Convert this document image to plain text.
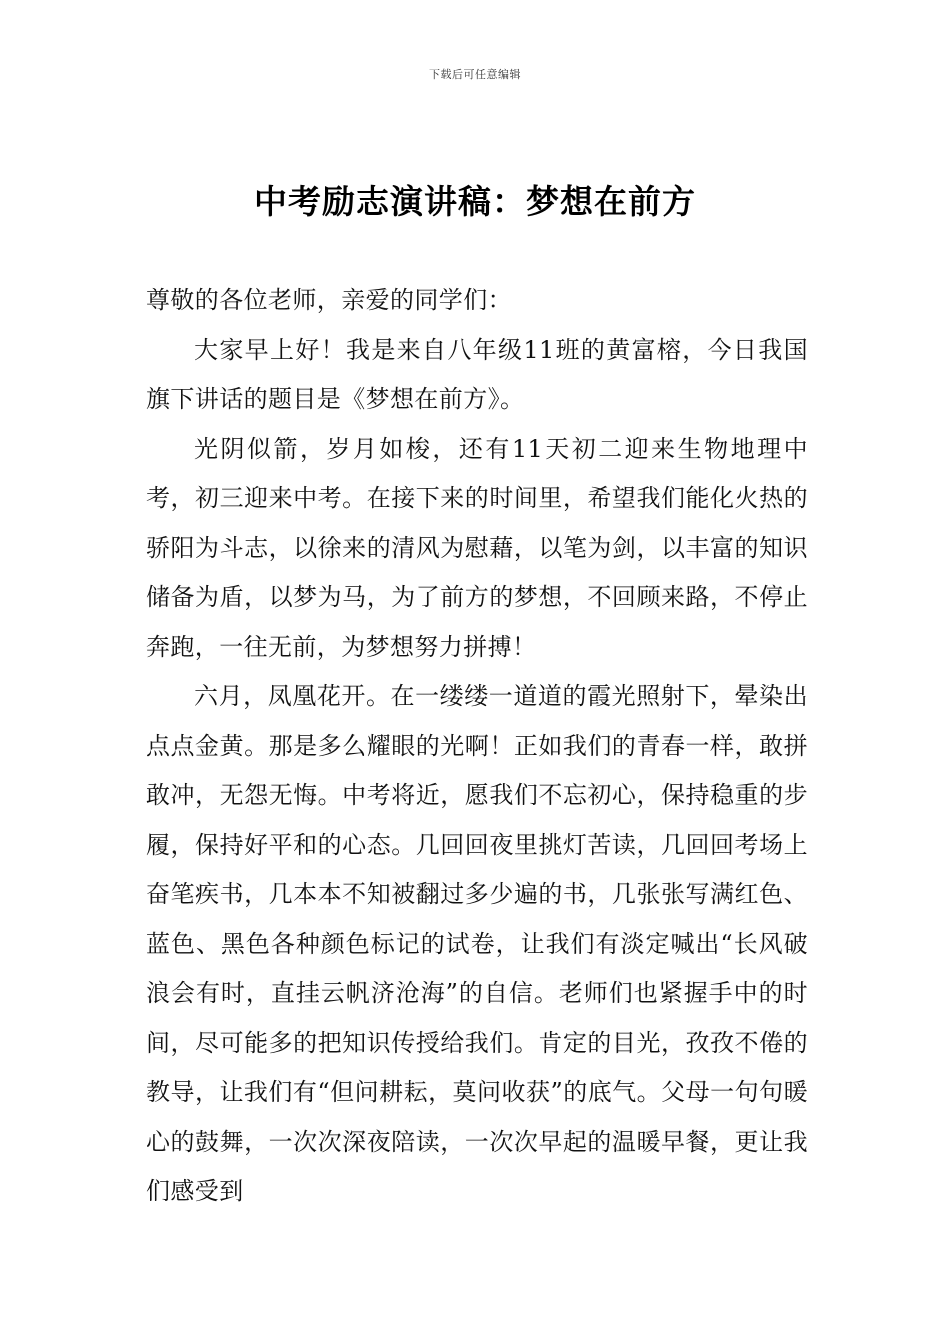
下载后可任意编辑
中考励志演讲稿：梦想在前方

尊敬的各位老师，亲爱的同学们：

大家早上好！我是来自八年级11班的黄富榕，今日我国旗下讲话的题目是《梦想在前方》。

光阴似箭，岁月如梭，还有11天初二迎来生物地理中考，初三迎来中考。在接下来的时间里，希望我们能化火热的骄阳为斗志，以徐来的清风为慰藉，以笔为剑，以丰富的知识储备为盾，以梦为马，为了前方的梦想，不回顾来路，不停止奔跑，一往无前，为梦想努力拼搏！

六月，凤凰花开。在一缕缕一道道的霞光照射下，晕染出点点金黄。那是多么耀眼的光啊！正如我们的青春一样，敢拼敢冲，无怨无悔。中考将近，愿我们不忘初心，保持稳重的步履，保持好平和的心态。几回回夜里挑灯苦读，几回回考场上奋笔疾书，几本本不知被翻过多少遍的书，几张张写满红色、蓝色、黑色各种颜色标记的试卷，让我们有淡定喊出“长风破浪会有时，直挂云帆济沧海”的自信。老师们也紧握手中的时间，尽可能多的把知识传授给我们。肯定的目光，孜孜不倦的教导，让我们有“但问耕耘，莫问收获”的底气。父母一句句暖心的鼓舞，一次次深夜陪读，一次次早起的温暖早餐，更让我们感受到
